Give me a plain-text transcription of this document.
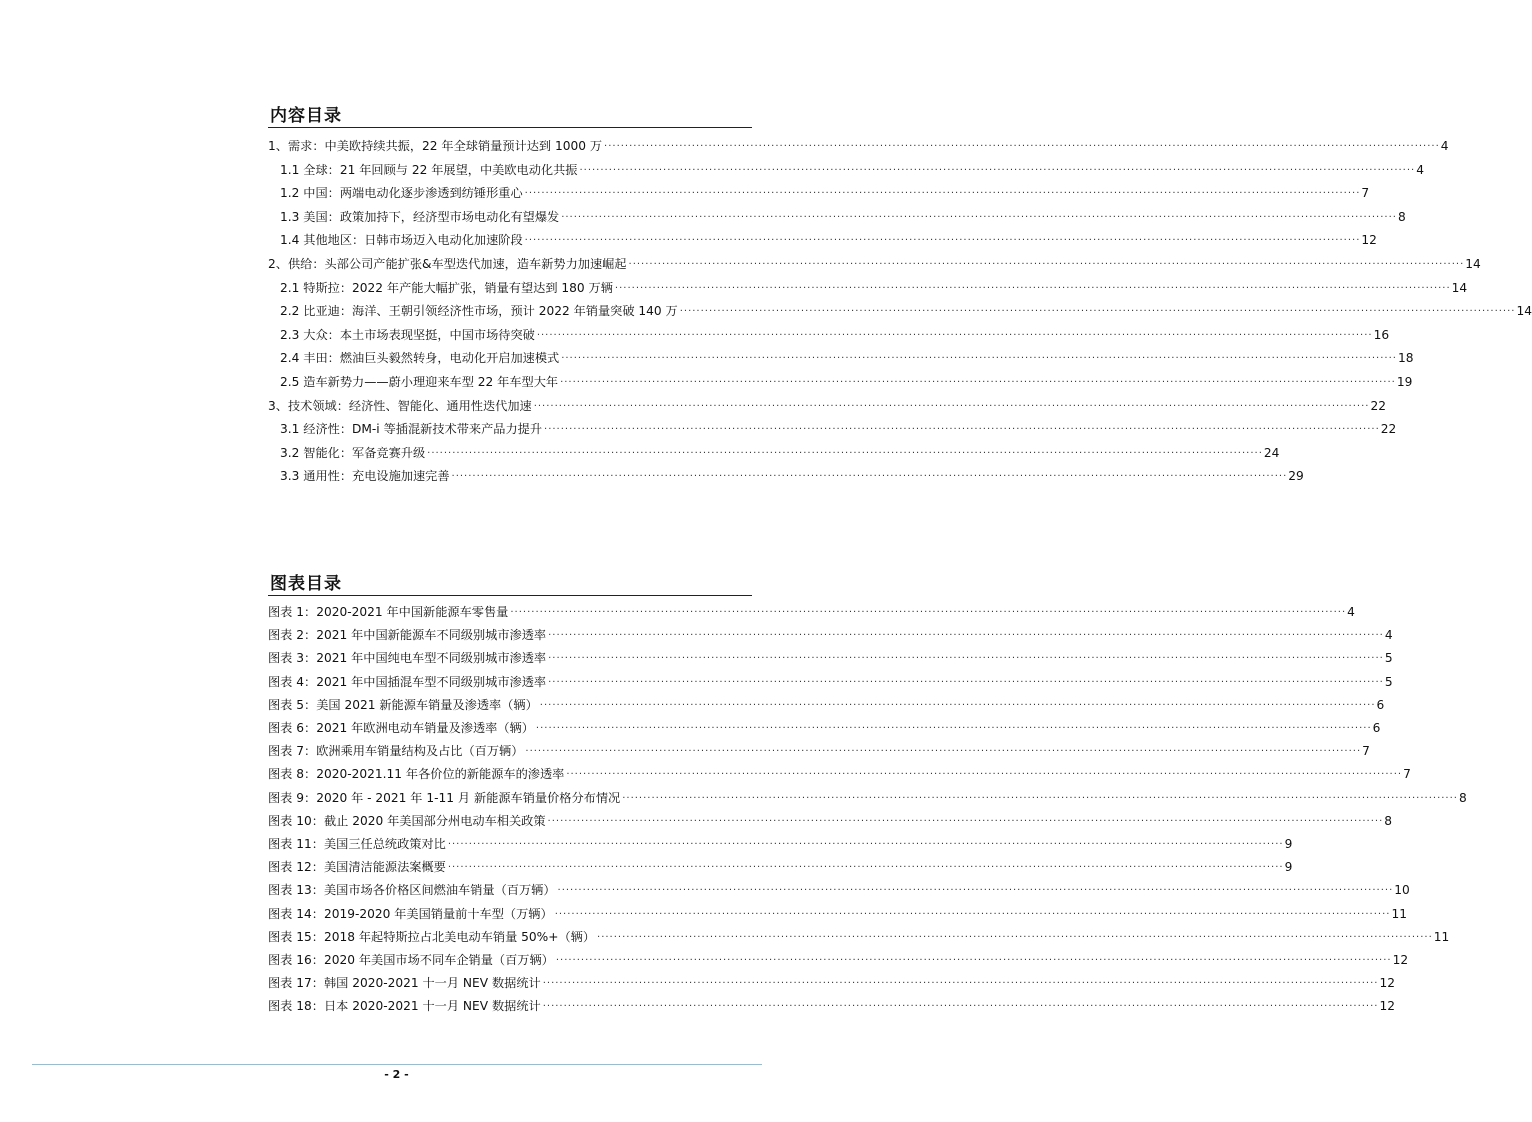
内容目录
1、需求：中美欧持续共振，22 年全球销量预计达到 1000 万 ........................................................................................................................................................................................................ 4
1.1 全球：21 年回顾与 22 年展望，中美欧电动化共振 ........................................................................................................................................................................................................ 4
1.2 中国：两端电动化逐步渗透到纺锤形重心 ........................................................................................................................................................................................................ 7
1.3 美国：政策加持下，经济型市场电动化有望爆发 ........................................................................................................................................................................................................ 8
1.4 其他地区：日韩市场迈入电动化加速阶段 ........................................................................................................................................................................................................ 12
2、供给：头部公司产能扩张&车型迭代加速，造车新势力加速崛起 ........................................................................................................................................................................................................ 14
2.1 特斯拉：2022 年产能大幅扩张，销量有望达到 180 万辆 ........................................................................................................................................................................................................ 14
2.2 比亚迪：海洋、王朝引领经济性市场，预计 2022 年销量突破 140 万 ........................................................................................................................................................................................................ 14
2.3 大众：本土市场表现坚挺，中国市场待突破 ........................................................................................................................................................................................................ 16
2.4 丰田：燃油巨头毅然转身，电动化开启加速模式 ........................................................................................................................................................................................................ 18
2.5 造车新势力——蔚小理迎来车型 22 年车型大年 ........................................................................................................................................................................................................ 19
3、技术领域：经济性、智能化、通用性迭代加速 ........................................................................................................................................................................................................ 22
3.1 经济性：DM-i 等插混新技术带来产品力提升 ........................................................................................................................................................................................................ 22
3.2 智能化：军备竞赛升级 ........................................................................................................................................................................................................ 24
3.3 通用性：充电设施加速完善 ........................................................................................................................................................................................................ 29
图表目录
图表 1：2020-2021 年中国新能源车零售量 ........................................................................................................................................................................................................ 4
图表 2：2021 年中国新能源车不同级别城市渗透率 ........................................................................................................................................................................................................ 4
图表 3：2021 年中国纯电车型不同级别城市渗透率 ........................................................................................................................................................................................................ 5
图表 4：2021 年中国插混车型不同级别城市渗透率 ........................................................................................................................................................................................................ 5
图表 5：美国 2021 新能源车销量及渗透率（辆） ........................................................................................................................................................................................................ 6
图表 6：2021 年欧洲电动车销量及渗透率（辆） ........................................................................................................................................................................................................ 6
图表 7：欧洲乘用车销量结构及占比（百万辆） ........................................................................................................................................................................................................ 7
图表 8：2020-2021.11 年各价位的新能源车的渗透率 ........................................................................................................................................................................................................ 7
图表 9：2020 年 - 2021 年 1-11 月 新能源车销量价格分布情况 ........................................................................................................................................................................................................ 8
图表 10：截止 2020 年美国部分州电动车相关政策 ........................................................................................................................................................................................................ 8
图表 11：美国三任总统政策对比 ........................................................................................................................................................................................................ 9
图表 12：美国清洁能源法案概要 ........................................................................................................................................................................................................ 9
图表 13：美国市场各价格区间燃油车销量（百万辆） ........................................................................................................................................................................................................ 10
图表 14：2019-2020 年美国销量前十车型（万辆） ........................................................................................................................................................................................................ 11
图表 15：2018 年起特斯拉占北美电动车销量 50%+（辆） ........................................................................................................................................................................................................ 11
图表 16：2020 年美国市场不同车企销量（百万辆） ........................................................................................................................................................................................................ 12
图表 17：韩国 2020-2021 十一月 NEV 数据统计 ........................................................................................................................................................................................................ 12
图表 18：日本 2020-2021 十一月 NEV 数据统计 ........................................................................................................................................................................................................ 12
- 2 -
